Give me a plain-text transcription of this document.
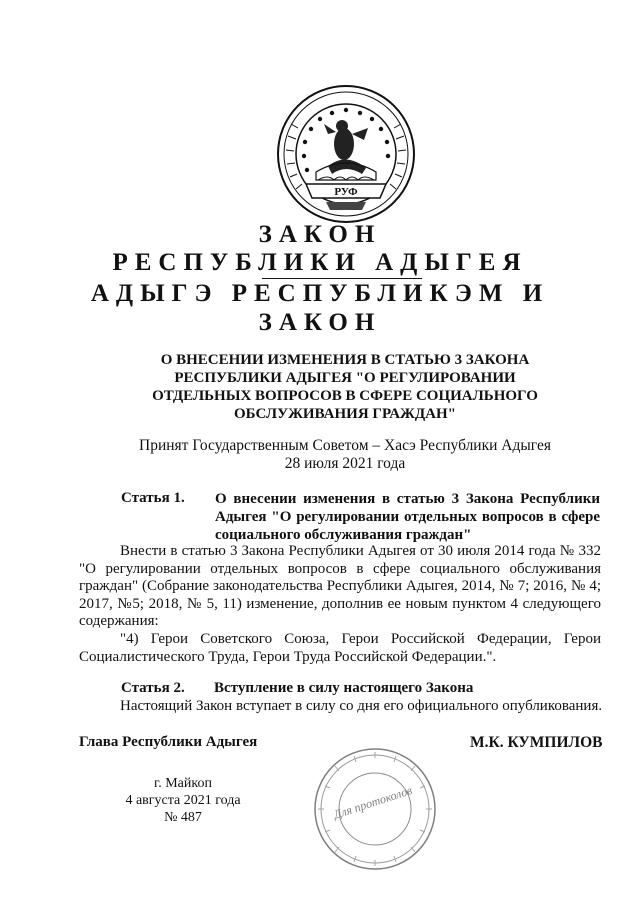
РУФ
ЗАКОН
РЕСПУБЛИКИ АДЫГЕЯ
АДЫГЭ РЕСПУБЛИКЭМ И
ЗАКОН
О ВНЕСЕНИИ ИЗМЕНЕНИЯ В СТАТЬЮ 3 ЗАКОНА
РЕСПУБЛИКИ АДЫГЕЯ "О РЕГУЛИРОВАНИИ
ОТДЕЛЬНЫХ ВОПРОСОВ В СФЕРЕ СОЦИАЛЬНОГО
ОБСЛУЖИВАНИЯ ГРАЖДАН"
Принят Государственным Советом – Хасэ Республики Адыгея
28 июля 2021 года
Статья 1. О внесении изменения в статью 3 Закона Республики Адыгея "О регулировании отдельных вопросов в сфере социального обслуживания граждан"
Внести в статью 3 Закона Республики Адыгея от 30 июля 2014 года № 332 "О регулировании отдельных вопросов в сфере социального обслуживания граждан" (Собрание законодательства Республики Адыгея, 2014, № 7; 2016, № 4; 2017, №5; 2018, № 5, 11) изменение, дополнив ее новым пунктом 4 следующего содержания:
"4) Герои Советского Союза, Герои Российской Федерации, Герои Социалистического Труда, Герои Труда Российской Федерации.".
Статья 2. Вступление в силу настоящего Закона
Настоящий Закон вступает в силу со дня его официального опубликования.
Глава Республики Адыгея	М.К. КУМПИЛОВ
г. Майкоп
4 августа 2021 года
№ 487	Для протоколов
